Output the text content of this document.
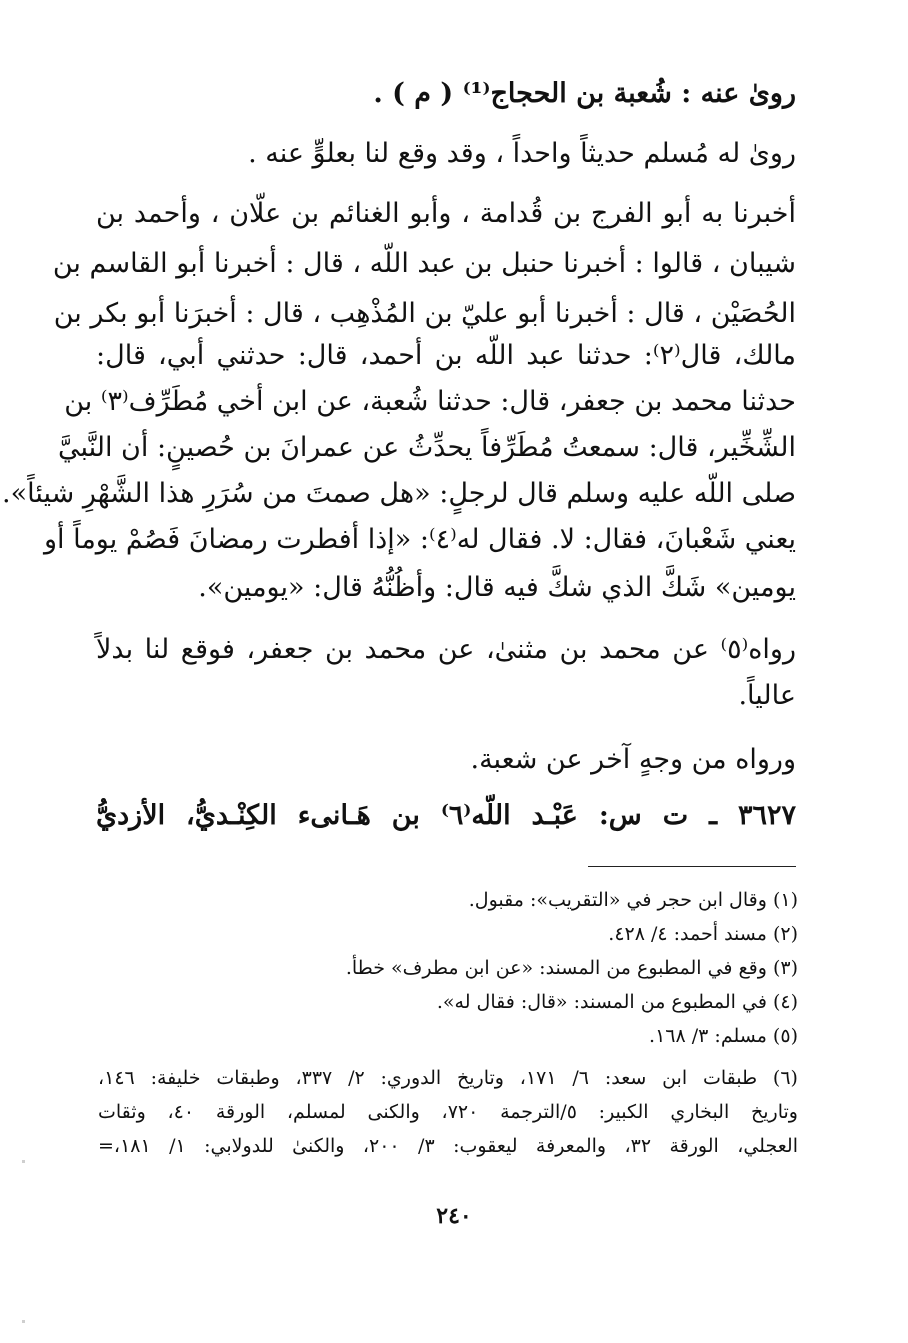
رویٰ عنه : شُعبة بن الحجاج⁽¹⁾ ( م ) .
رویٰ له مُسلم حديثاً واحداً ، وقد وقع لنا بعلوٍّ عنه .
أخبرنا به أبو الفرج بن قُدامة ، وأبو الغنائم بن علّان ، وأحمد بن
شيبان ، قالوا : أخبرنا حنبل بن عبد اللّه ، قال : أخبرنا أبو القاسم بن
الحُصَيْن ، قال : أخبرنا أبو عليّ بن المُذْهِب ، قال : أخبرَنا أبو بكر بن
مالك، قال⁽٢⁾: حدثنا عبد اللّه بن أحمد، قال: حدثني أبي، قال:
حدثنا محمد بن جعفر، قال: حدثنا شُعبة، عن ابن أخي مُطَرِّف⁽٣⁾ بن
الشِّخِّير، قال: سمعتُ مُطَرِّفاً يحدِّثُ عن عمرانَ بن حُصينٍ: أن النَّبيَّ
صلى اللّه عليه وسلم قال لرجلٍ: «هل صمتَ من سُرَرِ هذا الشَّهْرِ شيئاً».
يعني شَعْبانَ، فقال: لا. فقال له⁽٤⁾: «إذا أفطرت رمضانَ فَصُمْ يوماً أو
يومين» شَكَّ الذي شكَّ فيه قال: وأظُنُّهُ قال: «يومين».
رواه⁽٥⁾ عن محمد بن مثنیٰ، عن محمد بن جعفر، فوقع لنا بدلاً
عالياً.
ورواه من وجهٍ آخر عن شعبة.
٣٦٢٧ ـ ت س: عَبْـد اللّه⁽٦⁾ بن هَـانیء الكِنْـديُّ، الأزديُّ
(١) وقال ابن حجر في «التقريب»: مقبول.
(٢) مسند أحمد: ٤/ ٤٢٨.
(٣) وقع في المطبوع من المسند: «عن ابن مطرف» خطأ.
(٤) في المطبوع من المسند: «قال: فقال له».
(٥) مسلم: ٣/ ١٦٨.
(٦) طبقات ابن سعد: ٦/ ١٧١، وتاريخ الدوري: ٢/ ٣٣٧، وطبقات خليفة: ١٤٦،
وتاريخ البخاري الكبير: ٥/الترجمة ٧٢٠، والكنى لمسلم، الورقة ٤٠، وثقات
العجلي، الورقة ٣٢، والمعرفة ليعقوب: ٣/ ٢٠٠، والكنیٰ للدولابي: ١/ ١٨١،=
٢٤٠
